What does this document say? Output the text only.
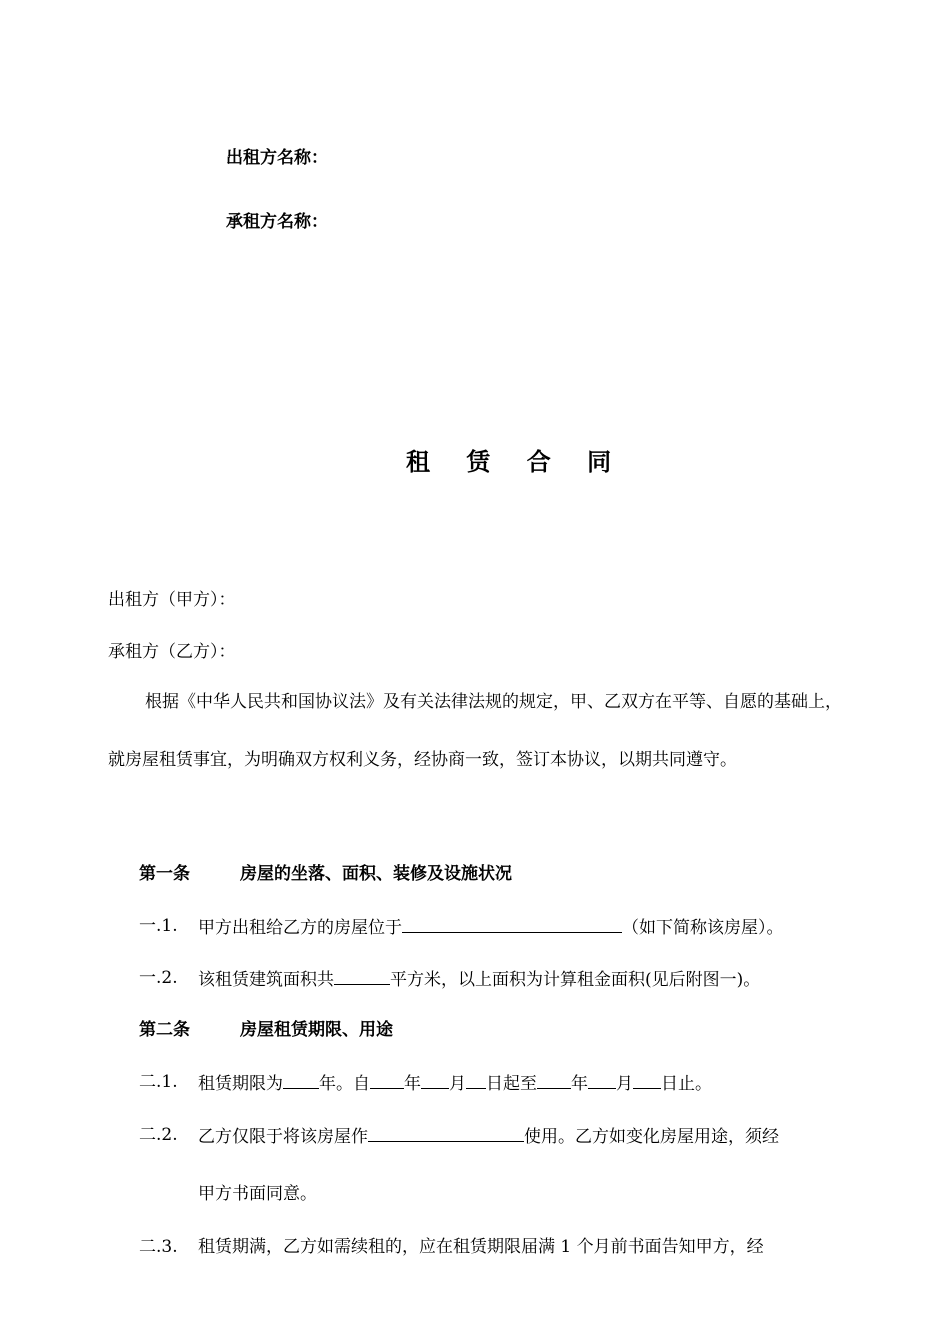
出租方名称：
承租方名称：
租 赁 合 同
出租方（甲方）：
承租方（乙方）：
根据《中华人民共和国协议法》及有关法律法规的规定，甲、乙双方在平等、自愿的基础上，就房屋租赁事宜，为明确双方权利义务，经协商一致，签订本协议，以期共同遵守。
第一条	房屋的坐落、面积、装修及设施状况
一.1. 甲方出租给乙方的房屋位于	（如下简称该房屋）。
一.2. 该租赁建筑面积共	平方米，以上面积为计算租金面积(见后附图一)。
第二条	房屋租赁期限、用途
二.1. 租赁期限为 年。自 年 月 日起至 年 月 日止。
二.2. 乙方仅限于将该房屋作	使用。乙方如变化房屋用途，须经
甲方书面同意。
二.3. 租赁期满，乙方如需续租的，应在租赁期限届满 1 个月前书面告知甲方，经
